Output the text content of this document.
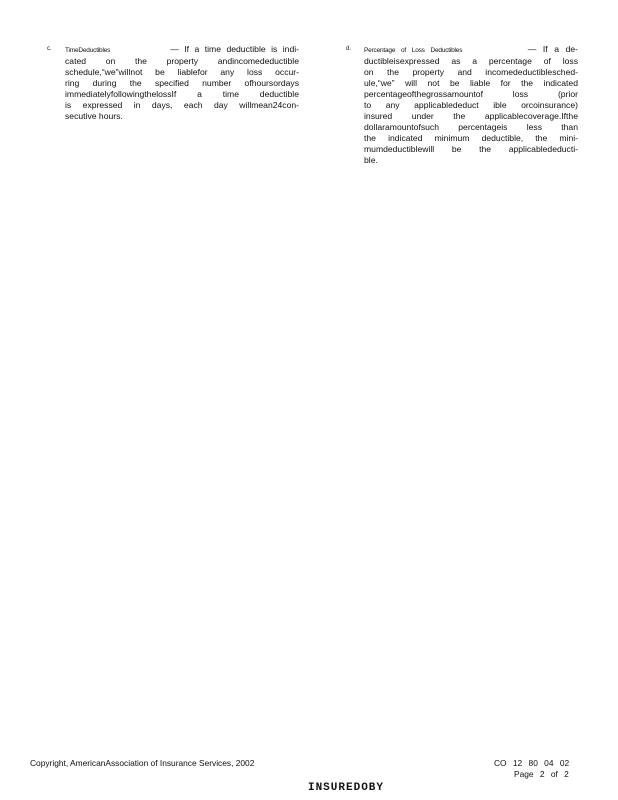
c. TimeDeductibles	— If a time deductible is indi-
cated on the property andincomedeductible
schedule,“we”willnot be liablefor any loss occur-
ring during the specified number ofhoursordays
immediatelyfollowingthelossIf a time deductible
is expressed in days, each day willmean24con-
secutive hours.
d. Percentage of Loss Deductibles	— If a de-
ductibleisexpressed as a percentage of loss
on the property and incomedeductiblesched-
ule,“we” will not be liable for the indicated
percentageofthegrossamountof loss (prior
to any applicablededuct ible orcoinsurance)
insured under the applicablecoverage.Ifthe
dollaramountofsuch percentageis less than
the indicated minimum deductible, the mini-
mumdeductiblewill be the applicablededucti-
ble.
Copyright, AmericanAssociation of Insurance Services, 2002	CO 12 80 04 02
Page 2 of 2
INSUREDOBY
